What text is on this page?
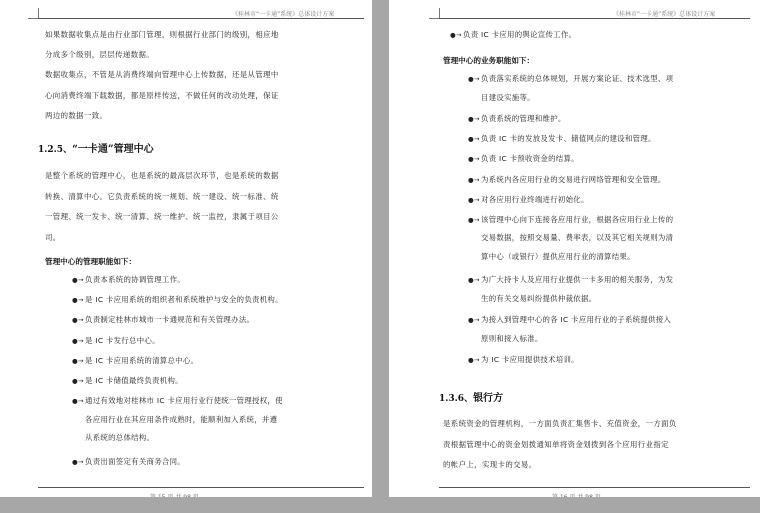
《桂林市“一卡通”系统》总体设计方案
如果数据收集点是由行业部门管理，则根据行业部门的级别，相应地
分成多个级别，层层传递数据。
数据收集点，不管是从消费终端向管理中心上传数据，还是从管理中
心向消费终端下载数据，都是原样传送，不做任何的改动处理，保证
两边的数据一致。
1.2.5、“一卡通”管理中心
是整个系统的管理中心，也是系统的最高层次环节，也是系统的数据
转换、清算中心。它负责系统的统一规划、统一建设、统一标准、统
一管理、统一发卡、统一清算、统一维护、统一监控，隶属于项目公
司。
管理中心的管理职能如下：
●→ 负责本系统的协调管理工作。
●→ 是 IC 卡应用系统的组织者和系统维护与安全的负责机构。
●→ 负责制定桂林市城市一卡通规范和有关管理办法。
●→ 是 IC 卡发行总中心。
●→ 是 IC 卡应用系统的清算总中心。
●→ 是 IC 卡储值最终负责机构。
●→ 通过有效地对桂林市 IC 卡应用行业行使统一管理授权，使
各应用行业在其应用条件成熟时，能顺利加入系统，并遵
从系统的总体结构。
●→ 负责出面签定有关商务合同。
《桂林市“一卡通”系统》总体设计方案
●→ 负责 IC 卡应用的舆论宣传工作。
管理中心的业务职能如下：
●→ 负责落实系统的总体规划，开展方案论证、技术选型、项
目建设实施等。
●→ 负责系统的管理和维护。
●→ 负责 IC 卡的发放及发卡、储值网点的建设和管理。
●→ 负责 IC 卡预收资金的结算。
●→ 为系统内各应用行业的交易进行网络管理和安全管理。
●→ 对各应用行业终端进行初始化。
●→ 该管理中心向下连接各应用行业，根据各应用行业上传的
交易数据，按照交易量、费率表，以及其它相关规则为清
算中心（或银行）提供应用行业的清算结果。
●→ 为广大持卡人及应用行业提供一卡多用的相关服务，为发
生的有关交易纠纷提供仲裁依据。
●→ 为接入到管理中心的各 IC 卡应用行业的子系统提供接入
原则和接入标准。
●→ 为 IC 卡应用提供技术培训。
1.3.6、银行方
是系统资金的管理机构，一方面负责汇集售卡、充值资金，一方面负
责根据管理中心的资金划拨通知单将资金划拨到各个应用行业指定
的帐户上，实现卡的交易。
